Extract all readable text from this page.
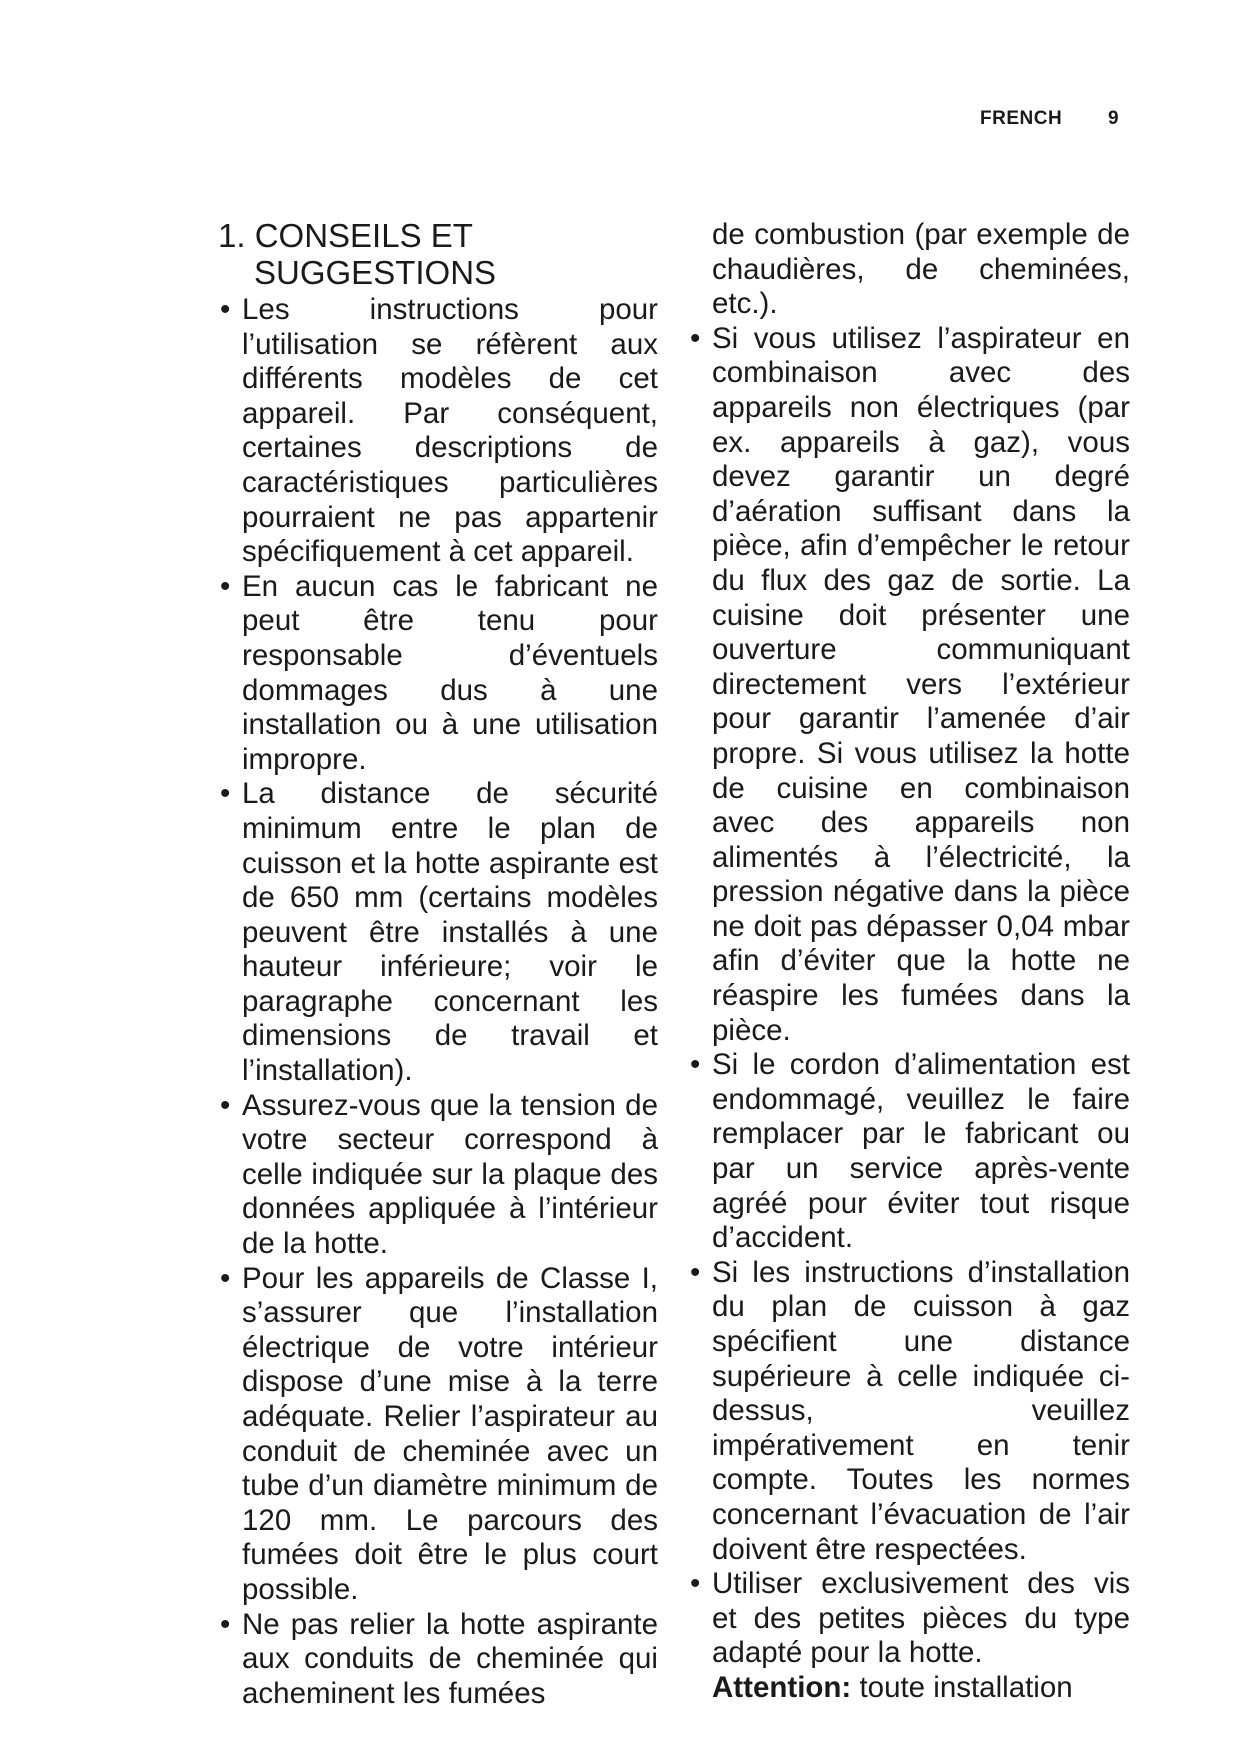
FRENCH 9
1. CONSEILS ET SUGGESTIONS
• Les instructions pour l’utilisation se réfèrent aux différents modèles de cet appareil. Par conséquent, certaines descriptions de caractéristiques particulières pourraient ne pas appartenir spécifiquement à cet appareil.
• En aucun cas le fabricant ne peut être tenu pour responsable d’éventuels dommages dus à une installation ou à une utilisation impropre.
• La distance de sécurité minimum entre le plan de cuisson et la hotte aspirante est de 650 mm (certains modèles peuvent être installés à une hauteur inférieure; voir le paragraphe concernant les dimensions de travail et l’installation).
• Assurez-vous que la tension de votre secteur correspond à celle indiquée sur la plaque des données appliquée à l’intérieur de la hotte.
• Pour les appareils de Classe I, s’assurer que l’installation électrique de votre intérieur dispose d’une mise à la terre adéquate. Relier l’aspirateur au conduit de cheminée avec un tube d’un diamètre minimum de 120 mm. Le parcours des fumées doit être le plus court possible.
• Ne pas relier la hotte aspirante aux conduits de cheminée qui acheminent les fumées
de combustion (par exemple de chaudières, de cheminées, etc.).
• Si vous utilisez l’aspirateur en combinaison avec des appareils non électriques (par ex. appareils à gaz), vous devez garantir un degré d’aération suffisant dans la pièce, afin d’empêcher le retour du flux des gaz de sortie. La cuisine doit présenter une ouverture communiquant directement vers l’extérieur pour garantir l’amenée d’air propre. Si vous utilisez la hotte de cuisine en combinaison avec des appareils non alimentés à l’électricité, la pression négative dans la pièce ne doit pas dépasser 0,04 mbar afin d’éviter que la hotte ne réaspire les fumées dans la pièce.
• Si le cordon d’alimentation est endommagé, veuillez le faire remplacer par le fabricant ou par un service après-vente agréé pour éviter tout risque d’accident.
• Si les instructions d’installation du plan de cuisson à gaz spécifient une distance supérieure à celle indiquée ci-dessus, veuillez impérativement en tenir compte. Toutes les normes concernant l’évacuation de l’air doivent être respectées.
• Utiliser exclusivement des vis et des petites pièces du type adapté pour la hotte.
Attention: toute installation
